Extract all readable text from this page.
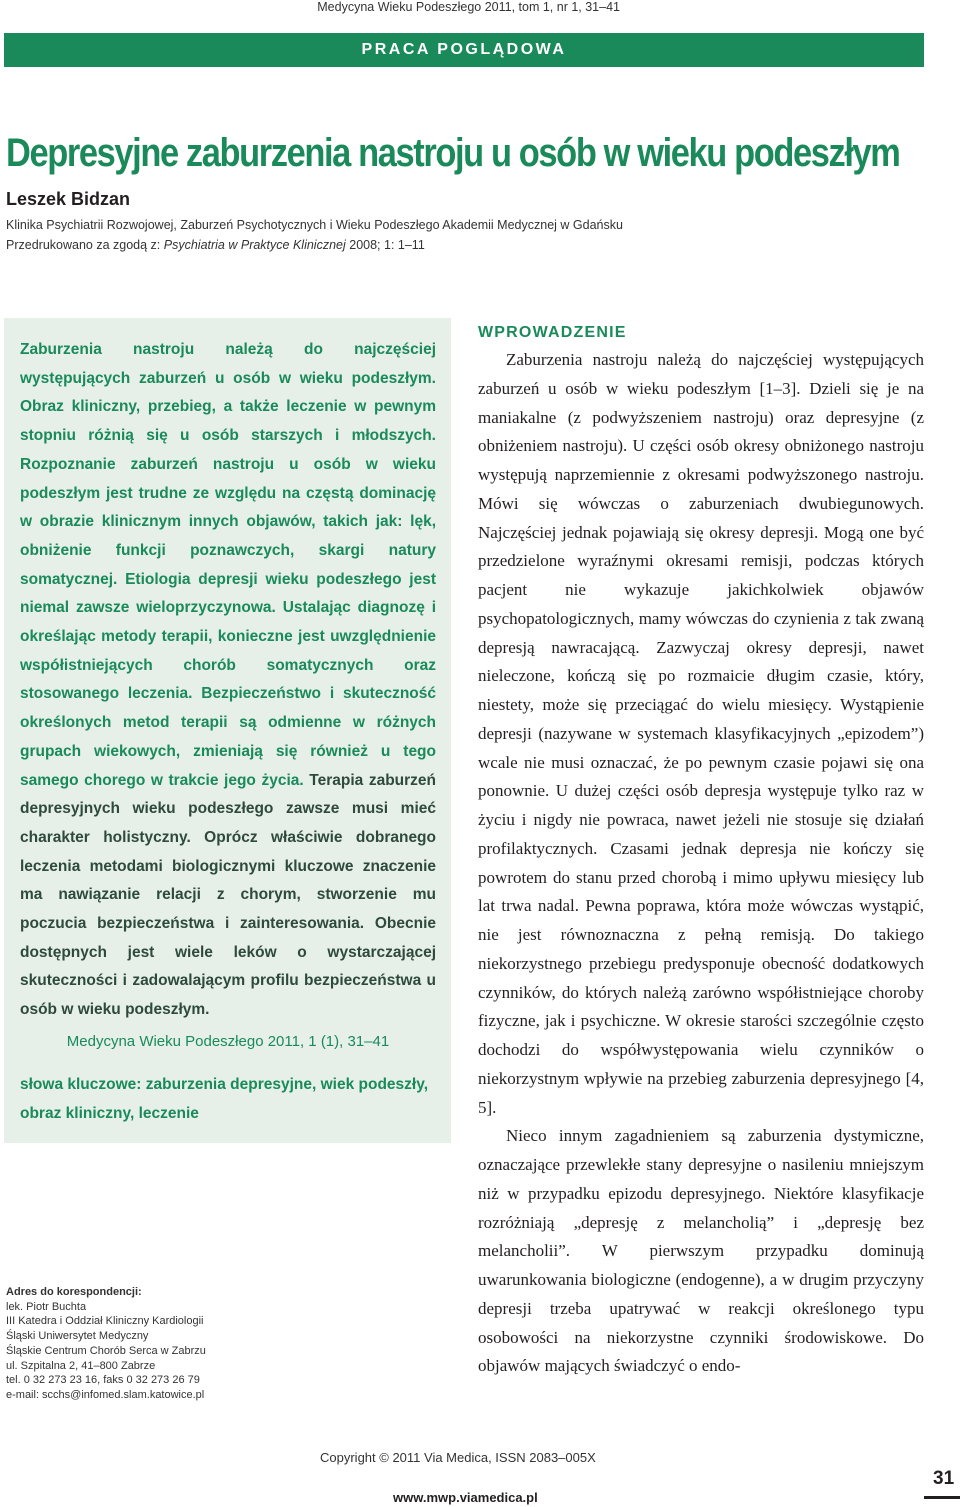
Medycyna Wieku Podeszłego 2011, tom 1, nr 1, 31–41
PRACA POGLĄDOWA
Depresyjne zaburzenia nastroju u osób w wieku podeszłym
Leszek Bidzan
Klinika Psychiatrii Rozwojowej, Zaburzeń Psychotycznych i Wieku Podeszłego Akademii Medycznej w Gdańsku
Przedrukowano za zgodą z: Psychiatria w Praktyce Klinicznej 2008; 1: 1–11

Zaburzenia nastroju należą do najczęściej występujących zaburzeń u osób w wieku podeszłym. Obraz kliniczny, przebieg, a także leczenie w pewnym stopniu różnią się u osób starszych i młodszych. Rozpoznanie zaburzeń nastroju u osób w wieku podeszłym jest trudne ze względu na częstą dominację w obrazie klinicznym innych objawów, takich jak: lęk, obniżenie funkcji poznawczych, skargi natury somatycznej. Etiologia depresji wieku podeszłego jest niemal zawsze wieloprzyczynowa. Ustalając diagnozę i określając metody terapii, konieczne jest uwzględnienie współistniejących chorób somatycznych oraz stosowanego leczenia. Bezpieczeństwo i skuteczność określonych metod terapii są odmienne w różnych grupach wiekowych, zmieniają się również u tego samego chorego w trakcie jego życia. Terapia zaburzeń depresyjnych wieku podeszłego zawsze musi mieć charakter holistyczny. Oprócz właściwie dobranego leczenia metodami biologicznymi kluczowe znaczenie ma nawiązanie relacji z chorym, stworzenie mu poczucia bezpieczeństwa i zainteresowania. Obecnie dostępnych jest wiele leków o wystarczającej skuteczności i zadowalającym profilu bezpieczeństwa u osób w wieku podeszłym.

Medycyna Wieku Podeszłego 2011, 1 (1), 31–41

słowa kluczowe: zaburzenia depresyjne, wiek podeszły, obraz kliniczny, leczenie

Adres do korespondencji:
lek. Piotr Buchta
III Katedra i Oddział Kliniczny Kardiologii
Śląski Uniwersytet Medyczny
Śląskie Centrum Chorób Serca w Zabrzu
ul. Szpitalna 2, 41–800 Zabrze
tel. 0 32 273 23 16, faks 0 32 273 26 79
e-mail: scchs@infomed.slam.katowice.pl
WPROWADZENIE

Zaburzenia nastroju należą do najczęściej występujących zaburzeń u osób w wieku podeszłym [1–3]. Dzieli się je na maniakalne (z podwyższeniem nastroju) oraz depresyjne (z obniżeniem nastroju). U części osób okresy obniżonego nastroju występują naprzemiennie z okresami podwyższonego nastroju. Mówi się wówczas o zaburzeniach dwubiegunowych. Najczęściej jednak pojawiają się okresy depresji. Mogą one być przedzielone wyraźnymi okresami remisji, podczas których pacjent nie wykazuje jakichkolwiek objawów psychopatologicznych, mamy wówczas do czynienia z tak zwaną depresją nawracającą. Zazwyczaj okresy depresji, nawet nieleczone, kończą się po rozmaicie długim czasie, który, niestety, może się przeciągać do wielu miesięcy. Wystąpienie depresji (nazywane w systemach klasyfikacyjnych „epizodem”) wcale nie musi oznaczać, że po pewnym czasie pojawi się ona ponownie. U dużej części osób depresja występuje tylko raz w życiu i nigdy nie powraca, nawet jeżeli nie stosuje się działań profilaktycznych. Czasami jednak depresja nie kończy się powrotem do stanu przed chorobą i mimo upływu miesięcy lub lat trwa nadal. Pewna poprawa, która może wówczas wystąpić, nie jest równoznaczna z pełną remisją. Do takiego niekorzystnego przebiegu predysponuje obecność dodatkowych czynników, do których należą zarówno współistniejące choroby fizyczne, jak i psychiczne. W okresie starości szczególnie często dochodzi do współwystępowania wielu czynników o niekorzystnym wpływie na przebieg zaburzenia depresyjnego [4, 5].

Nieco innym zagadnieniem są zaburzenia dystymiczne, oznaczające przewlekłe stany depresyjne o nasileniu mniejszym niż w przypadku epizodu depresyjnego. Niektóre klasyfikacje rozróżniają „depresję z melancholią” i „depresję bez melancholii”. W pierwszym przypadku dominują uwarunkowania biologiczne (endogenne), a w drugim przyczyny depresji trzeba upatrywać w reakcji określonego typu osobowości na niekorzystne czynniki środowiskowe. Do objawów mających świadczyć o endo-

Copyright © 2011 Via Medica, ISSN 2083–005X
www.mwp.viamedica.pl
31
